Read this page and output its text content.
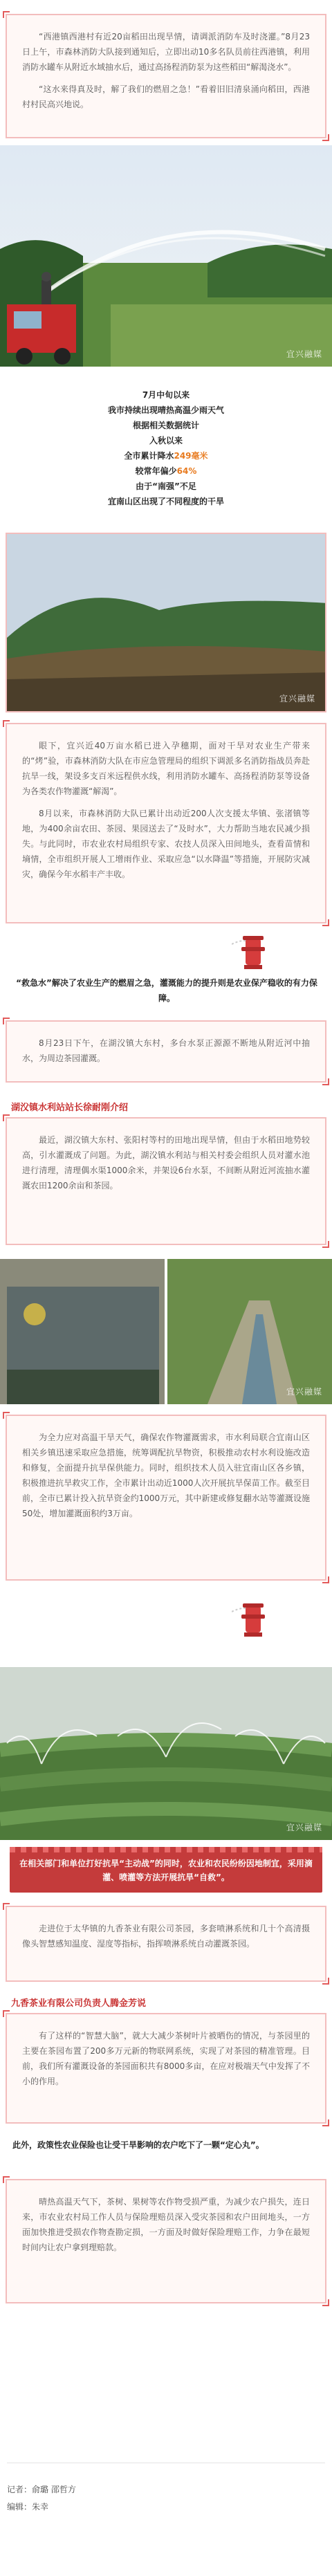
“西港镇西港村有近20亩稻田出现旱情，请调派消防车及时浇灌。”8月23日上午，市森林消防大队接到通知后，立即出动10多名队员前往西港镇，利用消防水罐车从附近水域抽水后，通过高扬程消防泵为这些稻田“解渴浇水”。

“这水来得真及时，解了我们的燃眉之急！”看着旧旧清泉涌向稻田，西港村村民高兴地说。

宜兴融媒
7月中旬以来
我市持续出现晴热高温少雨天气
根据相关数据统计
入秋以来
全市累计降水249毫米
较常年偏少64%
由于“南强”不足
宜南山区出现了不同程度的干旱
宜兴融媒

眼下，宜兴近40万亩水稻已进入孕穗期，面对干旱对农业生产带来的“烤”验，市森林消防大队在市应急管理局的组织下调派多名消防指战员奔赴抗旱一线，架设多支百米远程供水线，利用消防水罐车、高扬程消防泵等设备为各类农作物灌溉“解渴”。

8月以来，市森林消防大队已累计出动近200人次支援太华镇、张渚镇等地，为400余亩农田、茶园、果园送去了“及时水”，大力帮助当地农民减少损失。与此同时，市农业农村局组织专家、农技人员深入田间地头，查看苗情和墒情，全市组织开展人工增雨作业、采取应急“以水降温”等措施，开展防灾减灾，确保今年水稻丰产丰收。

“救急水”解决了农业生产的燃眉之急，灌溉能力的提升则是农业保产稳收的有力保障。

8月23日下午，在湖㳇镇大东村，多台水泵正源源不断地从附近河中抽水，为周边茶园灌溉。

湖㳇镇水利站站长徐耐刚介绍

最近，湖㳇镇大东村、张阳村等村的田地出现旱情，但由于水稻田地势较高，引水灌溉成了问题。为此，湖㳇镇水利站与相关村委会组织人员对灌水池进行清理，清理偶水渠1000余米，并架设6台水泵，不间断从附近河流抽水灌溉农田1200余亩和茶园。

宜兴融媒

为全力应对高温干旱天气，确保农作物灌溉需求，市水利局联合宜南山区相关乡镇迅速采取应急措施，统筹调配抗旱物资，积极推动农村水利设施改造和修复，全面提升抗旱保供能力。同时，组织技术人员入驻宜南山区各乡镇，积极推进抗旱救灾工作，全市累计出动近1000人次开展抗旱保苗工作。截至目前，全市已累计投入抗旱资金约1000万元，其中新建或修复翻水站等灌溉设施50处，增加灌溉面积约3万亩。

宜兴融媒
在相关部门和单位打好抗旱“主动战”的同时，农业和农民纷纷因地制宜，采用滴灌、喷灌等方法开展抗旱“自救”。

走进位于太华镇的九香茶业有限公司茶园，多套喷淋系统和几十个高清摄像头智慧感知温度、湿度等指标，指挥喷淋系统自动灌溉茶园。

九香茶业有限公司负责人腾金芳说

有了这样的“智慧大脑”，就大大减少茶树叶片被晒伤的情况，与茶园里的主要在茶园布置了200多万元新的物联网系统，实现了对茶园的精准管理。目前，我们所有灌溉设备的茶园面积共有8000多亩，在应对极端天气中发挥了不小的作用。

此外，政策性农业保险也让受干旱影响的农户吃下了一颗“定心丸”。

晴热高温天气下，茶树、果树等农作物受损严重，为减少农户损失，连日来，市农业农村局工作人员与保险理赔员深入受灾茶园和农户田间地头，一方面加快推进受损农作物查勘定损，一方面及时做好保险理赔工作，力争在最短时间内让农户拿到理赔款。

记者：俞璐 邵哲方
编辑：朱幸
